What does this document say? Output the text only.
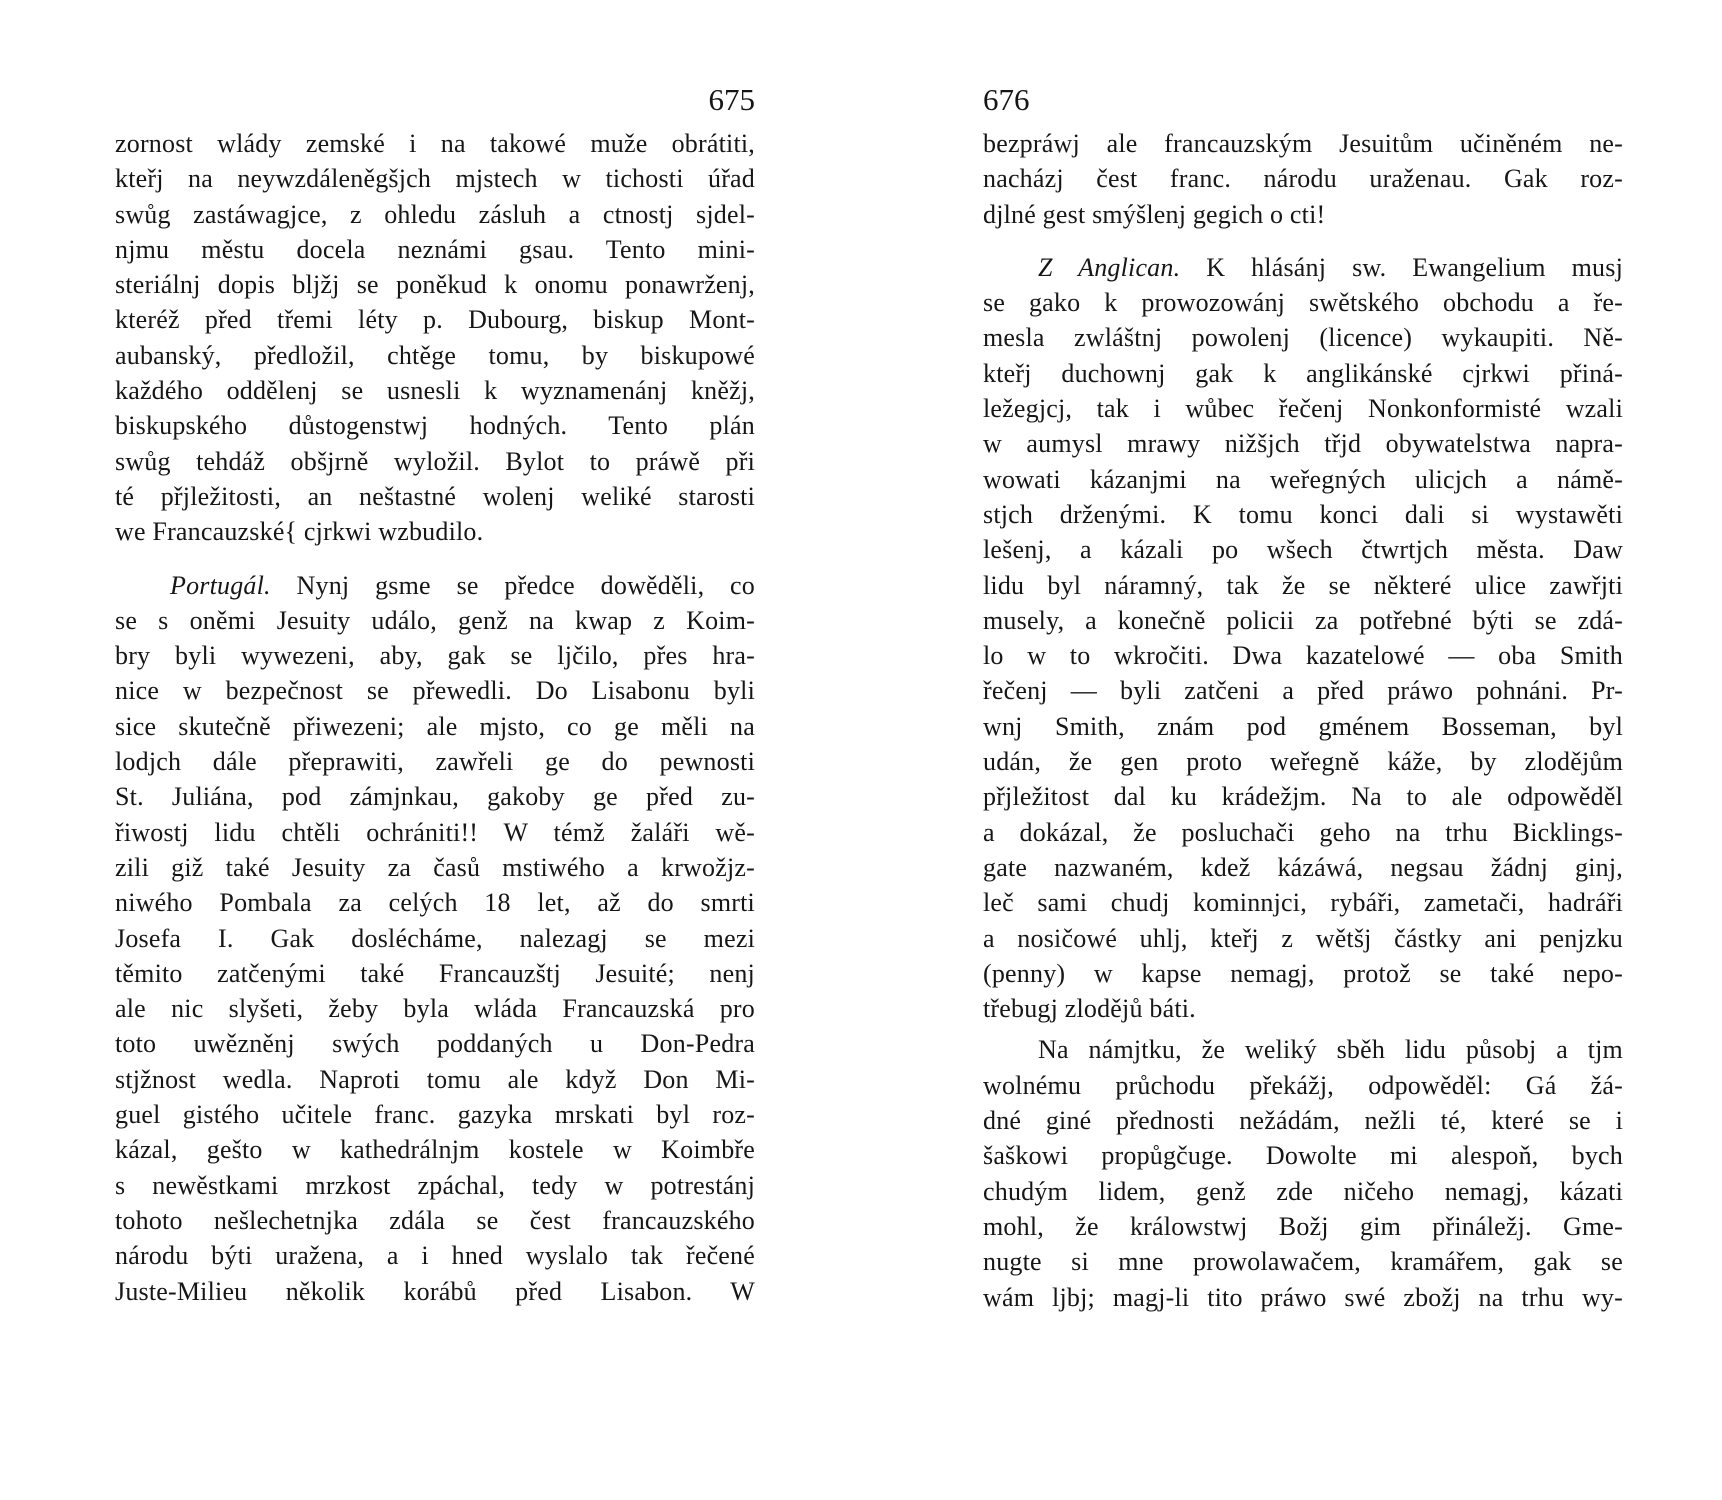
675
zornost wlády zemské i na takowé muže obrátiti,
kteřj na neywzdáleněgšjch mjstech w tichosti úřad
swůg zastáwagjce, z ohledu zásluh a ctnostj sjdel-
njmu městu docela neznámi gsau. Tento mini-
steriálnj dopis bljžj se poněkud k onomu ponawrženj,
kteréž před třemi léty p. Dubourg, biskup Mont-
aubanský, předložil, chtěge tomu, by biskupowé
každého oddělenj se usnesli k wyznamenánj kněžj,
biskupského důstogenstwj hodných. Tento plán
swůg tehdáž obšjrně wyložil. Bylot to práwě při
té přjležitosti, an neštastné wolenj weliké starosti
we Francauzské{ cjrkwi wzbudilo.
Portugál. Nynj gsme se předce dowěděli, co
se s oněmi Jesuity událo, genž na kwap z Koim-
bry byli wywezeni, aby, gak se ljčilo, přes hra-
nice w bezpečnost se přewedli. Do Lisabonu byli
sice skutečně přiwezeni; ale mjsto, co ge měli na
lodjch dále přeprawiti, zawřeli ge do pewnosti
St. Juliána, pod zámjnkau, gakoby ge před zu-
řiwostj lidu chtěli ochrániti!! W témž žaláři wě-
zili giž také Jesuity za časů mstiwého a krwožjz-
niwého Pombala za celých 18 let, až do smrti
Josefa I. Gak doslécháme, nalezagj se mezi
těmito zatčenými také Francauzštj Jesuité; nenj
ale nic slyšeti, žeby byla wláda Francauzská pro
toto uwězněnj swých poddaných u Don-Pedra
stjžnost wedla. Naproti tomu ale když Don Mi-
guel gistého učitele franc. gazyka mrskati byl roz-
kázal, gešto w kathedrálnjm kostele w Koimbře
s newěstkami mrzkost zpáchal, tedy w potrestánj
tohoto nešlechetnjka zdála se čest francauzského
národu býti uražena, a i hned wyslalo tak řečené
Juste-Milieu několik korábů před Lisabon. W
676
bezpráwj ale francauzským Jesuitům učiněném ne-
nacházj čest franc. národu uraženau. Gak roz-
djlné gest smýšlenj gegich o cti!
Z Anglican. K hlásánj sw. Ewangelium musj
se gako k prowozowánj swětského obchodu a ře-
mesla zwláštnj powolenj (licence) wykaupiti. Ně-
kteřj duchownj gak k anglikánské cjrkwi přiná-
ležegjcj, tak i wůbec řečenj Nonkonformisté wzali
w aumysl mrawy nižšjch třjd obywatelstwa napra-
wowati kázanjmi na weřegných ulicjch a námě-
stjch drženými. K tomu konci dali si wystawěti
lešenj, a kázali po wšech čtwrtjch města. Daw
lidu byl náramný, tak že se některé ulice zawřjti
musely, a konečně policii za potřebné býti se zdá-
lo w to wkročiti. Dwa kazatelowé — oba Smith
řečenj — byli zatčeni a před práwo pohnáni. Pr-
wnj Smith, znám pod gménem Bosseman, byl
udán, že gen proto weřegně káže, by zlodějům
přjležitost dal ku krádežjm. Na to ale odpowěděl
a dokázal, že posluchači geho na trhu Bicklings-
gate nazwaném, kdež kázáwá, negsau žádnj ginj,
leč sami chudj kominnjci, rybáři, zametači, hadráři
a nosičowé uhlj, kteřj z wětšj částky ani penjzku
(penny) w kapse nemagj, protož se také nepo-
třebugj zlodějů báti.
Na námjtku, že weliký sběh lidu působj a tjm
wolnému průchodu překážj, odpowěděl: Gá žá-
dné giné přednosti nežádám, nežli té, které se i
šaškowi propůgčuge. Dowolte mi alespoň, bych
chudým lidem, genž zde ničeho nemagj, kázati
mohl, že králowstwj Božj gim přináležj. Gme-
nugte si mne prowolawačem, kramářem, gak se
wám ljbj; magj-li tito práwo swé zbožj na trhu wy-
